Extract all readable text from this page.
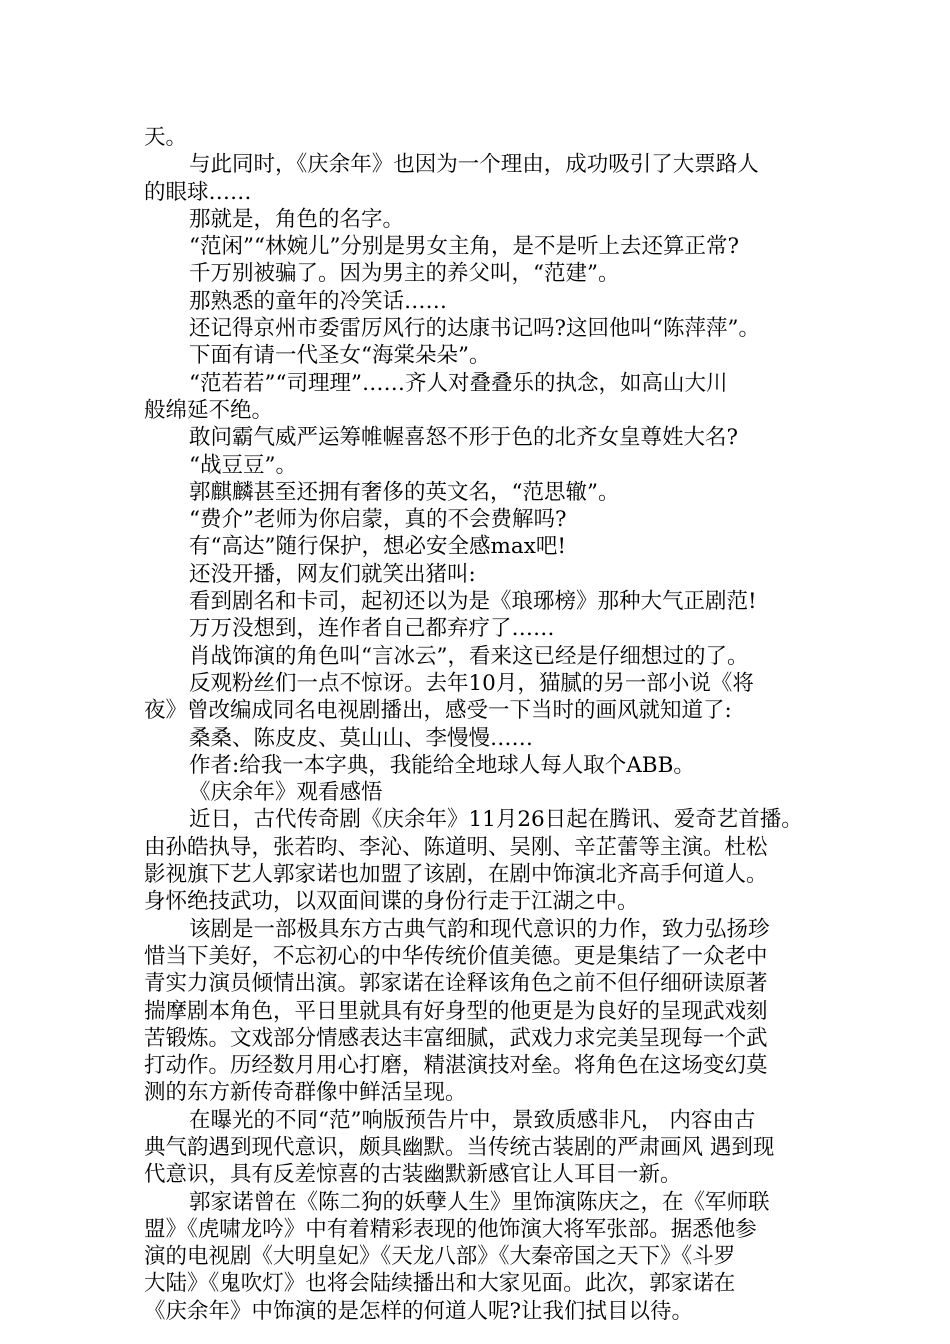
天。
与此同时，《庆余年》也因为一个理由，成功吸引了大票路人
的眼球……
那就是，角色的名字。
“范闲”“林婉儿”分别是男女主角，是不是听上去还算正常?
千万别被骗了。因为男主的养父叫，“范建”。
那熟悉的童年的冷笑话……
还记得京州市委雷厉风行的达康书记吗?这回他叫“陈萍萍”。
下面有请一代圣女“海棠朵朵”。
“范若若”“司理理”……齐人对叠叠乐的执念，如高山大川
般绵延不绝。
敢问霸气威严运筹帷幄喜怒不形于色的北齐女皇尊姓大名?
“战豆豆”。
郭麒麟甚至还拥有奢侈的英文名，“范思辙”。
“费介”老师为你启蒙，真的不会费解吗?
有“高达”随行保护，想必安全感max吧!
还没开播，网友们就笑出猪叫:
看到剧名和卡司，起初还以为是《琅琊榜》那种大气正剧范!
万万没想到，连作者自己都弃疗了……
肖战饰演的角色叫“言冰云”，看来这已经是仔细想过的了。
反观粉丝们一点不惊讶。去年10月，猫腻的另一部小说《将
夜》曾改编成同名电视剧播出，感受一下当时的画风就知道了:
桑桑、陈皮皮、莫山山、李慢慢……
作者:给我一本字典，我能给全地球人每人取个ABB。
《庆余年》观看感悟
近日，古代传奇剧《庆余年》11月26日起在腾讯、爱奇艺首播。
由孙皓执导，张若昀、李沁、陈道明、吴刚、辛芷蕾等主演。杜松
影视旗下艺人郭家诺也加盟了该剧，在剧中饰演北齐高手何道人。
身怀绝技武功，以双面间谍的身份行走于江湖之中。
该剧是一部极具东方古典气韵和现代意识的力作，致力弘扬珍
惜当下美好，不忘初心的中华传统价值美德。更是集结了一众老中
青实力演员倾情出演。郭家诺在诠释该角色之前不但仔细研读原著
揣摩剧本角色，平日里就具有好身型的他更是为良好的呈现武戏刻
苦锻炼。文戏部分情感表达丰富细腻，武戏力求完美呈现每一个武
打动作。历经数月用心打磨，精湛演技对垒。将角色在这场变幻莫
测的东方新传奇群像中鲜活呈现。
在曝光的不同“范”响版预告片中，景致质感非凡， 内容由古
典气韵遇到现代意识，颇具幽默。当传统古装剧的严肃画风 遇到现
代意识，具有反差惊喜的古装幽默新感官让人耳目一新。
郭家诺曾在《陈二狗的妖孽人生》里饰演陈庆之，在《军师联
盟》《虎啸龙吟》中有着精彩表现的他饰演大将军张部。据悉他参
演的电视剧《大明皇妃》《天龙八部》《大秦帝国之天下》《斗罗
大陆》《鬼吹灯》也将会陆续播出和大家见面。此次，郭家诺在
《庆余年》中饰演的是怎样的何道人呢?让我们拭目以待。
